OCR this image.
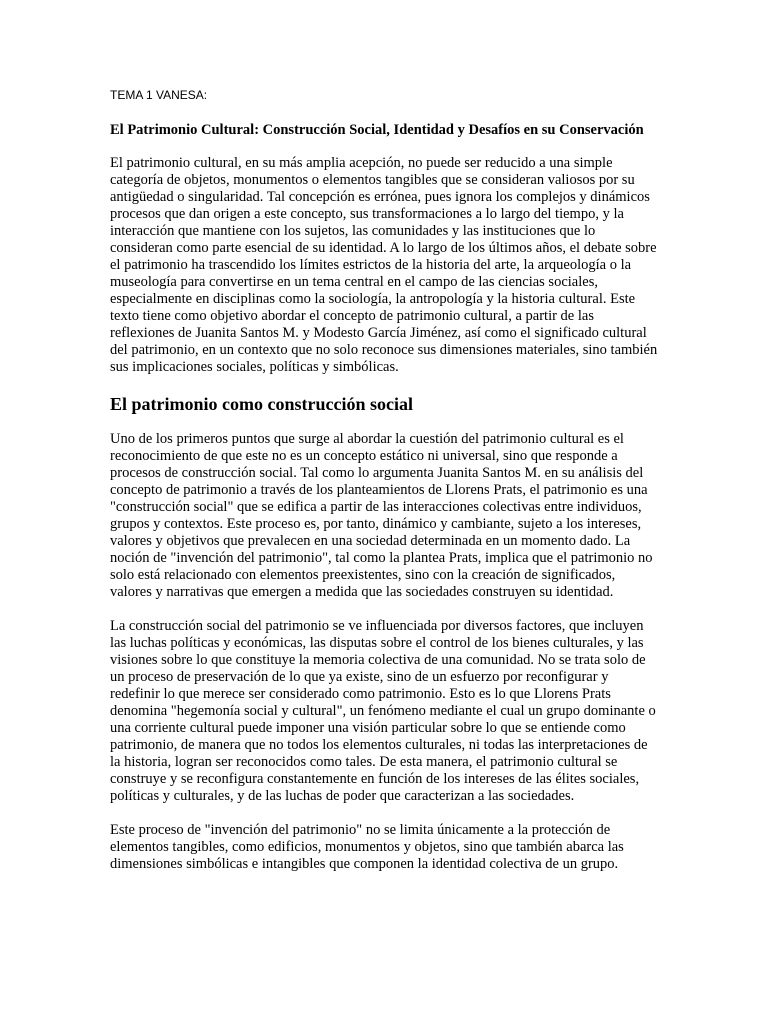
TEMA 1 VANESA:

El Patrimonio Cultural: Construcción Social, Identidad y Desafíos en su Conservación

El patrimonio cultural, en su más amplia acepción, no puede ser reducido a una simple categoría de objetos, monumentos o elementos tangibles que se consideran valiosos por su antigüedad o singularidad. Tal concepción es errónea, pues ignora los complejos y dinámicos procesos que dan origen a este concepto, sus transformaciones a lo largo del tiempo, y la interacción que mantiene con los sujetos, las comunidades y las instituciones que lo consideran como parte esencial de su identidad. A lo largo de los últimos años, el debate sobre el patrimonio ha trascendido los límites estrictos de la historia del arte, la arqueología o la museología para convertirse en un tema central en el campo de las ciencias sociales, especialmente en disciplinas como la sociología, la antropología y la historia cultural. Este texto tiene como objetivo abordar el concepto de patrimonio cultural, a partir de las reflexiones de Juanita Santos M. y Modesto García Jiménez, así como el significado cultural del patrimonio, en un contexto que no solo reconoce sus dimensiones materiales, sino también sus implicaciones sociales, políticas y simbólicas.

El patrimonio como construcción social

Uno de los primeros puntos que surge al abordar la cuestión del patrimonio cultural es el reconocimiento de que este no es un concepto estático ni universal, sino que responde a procesos de construcción social. Tal como lo argumenta Juanita Santos M. en su análisis del concepto de patrimonio a través de los planteamientos de Llorens Prats, el patrimonio es una "construcción social" que se edifica a partir de las interacciones colectivas entre individuos, grupos y contextos. Este proceso es, por tanto, dinámico y cambiante, sujeto a los intereses, valores y objetivos que prevalecen en una sociedad determinada en un momento dado. La noción de "invención del patrimonio", tal como la plantea Prats, implica que el patrimonio no solo está relacionado con elementos preexistentes, sino con la creación de significados, valores y narrativas que emergen a medida que las sociedades construyen su identidad.

La construcción social del patrimonio se ve influenciada por diversos factores, que incluyen las luchas políticas y económicas, las disputas sobre el control de los bienes culturales, y las visiones sobre lo que constituye la memoria colectiva de una comunidad. No se trata solo de un proceso de preservación de lo que ya existe, sino de un esfuerzo por reconfigurar y redefinir lo que merece ser considerado como patrimonio. Esto es lo que Llorens Prats denomina "hegemonía social y cultural", un fenómeno mediante el cual un grupo dominante o una corriente cultural puede imponer una visión particular sobre lo que se entiende como patrimonio, de manera que no todos los elementos culturales, ni todas las interpretaciones de la historia, logran ser reconocidos como tales. De esta manera, el patrimonio cultural se construye y se reconfigura constantemente en función de los intereses de las élites sociales, políticas y culturales, y de las luchas de poder que caracterizan a las sociedades.

Este proceso de "invención del patrimonio" no se limita únicamente a la protección de elementos tangibles, como edificios, monumentos y objetos, sino que también abarca las dimensiones simbólicas e intangibles que componen la identidad colectiva de un grupo.
